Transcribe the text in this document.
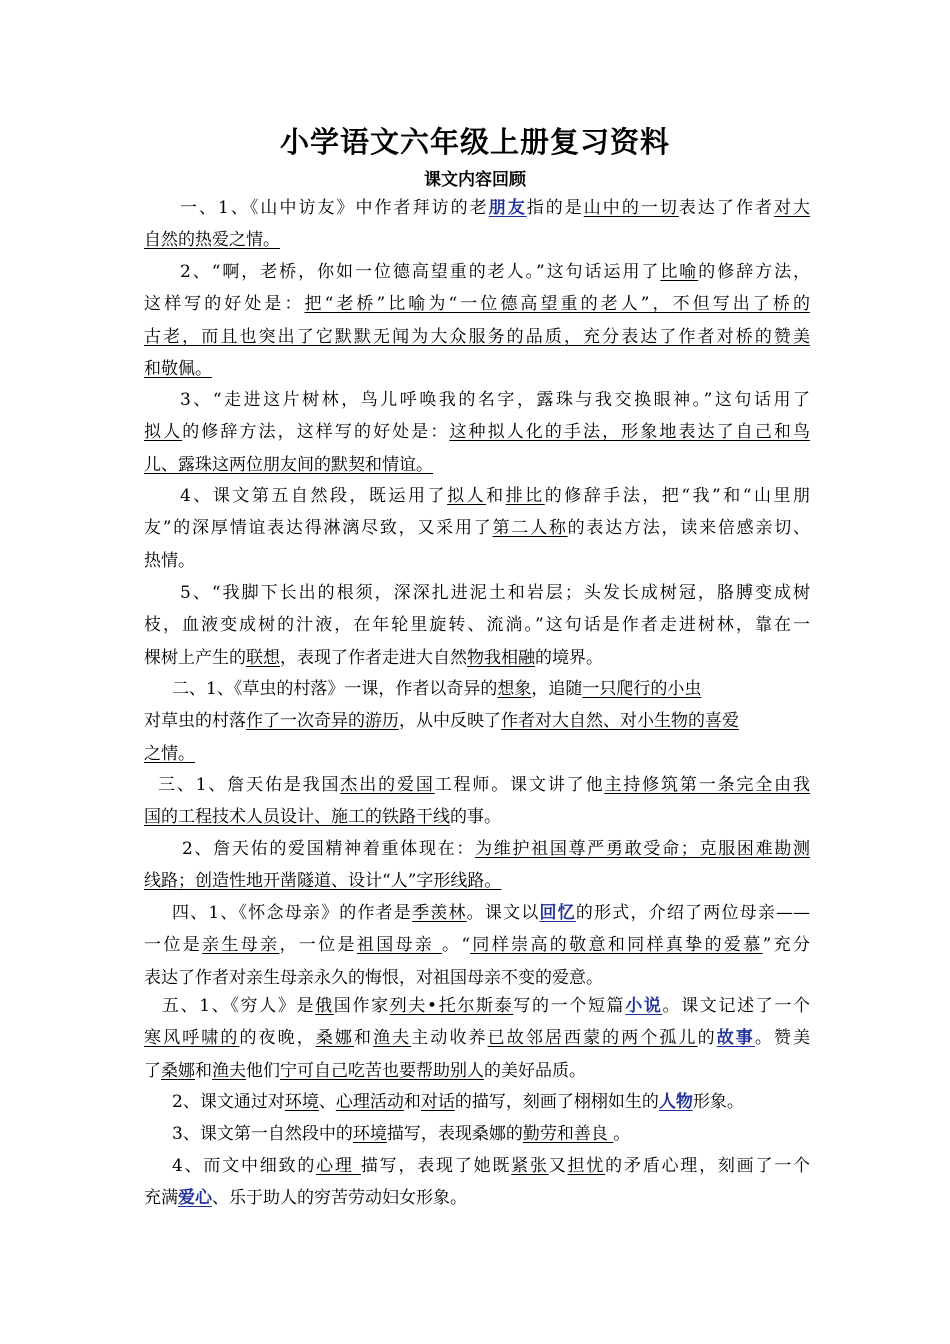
小学语文六年级上册复习资料
课文内容回顾
一、1、《山中访友》中作者拜访的老朋友指的是山中的一切表达了作者对大
自然的热爱之情。
2、“啊，老桥，你如一位德高望重的老人。”这句话运用了比喻的修辞方法，
这样写的好处是：把“老桥”比喻为“一位德高望重的老人”，不但写出了桥的
古老，而且也突出了它默默无闻为大众服务的品质，充分表达了作者对桥的赞美
和敬佩。
3、“走进这片树林，鸟儿呼唤我的名字，露珠与我交换眼神。”这句话用了
拟人的修辞方法，这样写的好处是：这种拟人化的手法，形象地表达了自己和鸟
儿、露珠这两位朋友间的默契和情谊。
4、课文第五自然段，既运用了拟人和排比的修辞手法，把“我”和“山里朋
友”的深厚情谊表达得淋漓尽致，又采用了第二人称的表达方法，读来倍感亲切、
热情。
5、“我脚下长出的根须，深深扎进泥土和岩层；头发长成树冠，胳膊变成树
枝，血液变成树的汁液，在年轮里旋转、流淌。”这句话是作者走进树林，靠在一
棵树上产生的联想，表现了作者走进大自然物我相融的境界。
二、1、《草虫的村落》一课，作者以奇异的想象，追随一只爬行的小虫
对草虫的村落作了一次奇异的游历，从中反映了作者对大自然、对小生物的喜爱
之情。
三、1、詹天佑是我国杰出的爱国工程师。课文讲了他主持修筑第一条完全由我
国的工程技术人员设计、施工的铁路干线的事。
2、詹天佑的爱国精神着重体现在：为维护祖国尊严勇敢受命；克服困难勘测
线路；创造性地开凿隧道、设计“人”字形线路。
四、1、《怀念母亲》的作者是季羡林。课文以回忆的形式，介绍了两位母亲——
一位是亲生母亲，一位是祖国母亲 。“同样崇高的敬意和同样真挚的爱慕”充分
表达了作者对亲生母亲永久的悔恨，对祖国母亲不变的爱意。
五、1、《穷人》是俄国作家列夫•托尔斯泰写的一个短篇小说。课文记述了一个
寒风呼啸的的夜晚，桑娜和渔夫主动收养已故邻居西蒙的两个孤儿的故事。赞美
了桑娜和渔夫他们宁可自己吃苦也要帮助别人的美好品质。
2、课文通过对环境、心理活动和对话的描写，刻画了栩栩如生的人物形象。
3、课文第一自然段中的环境描写，表现桑娜的勤劳和善良 。
4、而文中细致的心理 描写，表现了她既紧张又担忧的矛盾心理，刻画了一个
充满爱心、乐于助人的穷苦劳动妇女形象。
